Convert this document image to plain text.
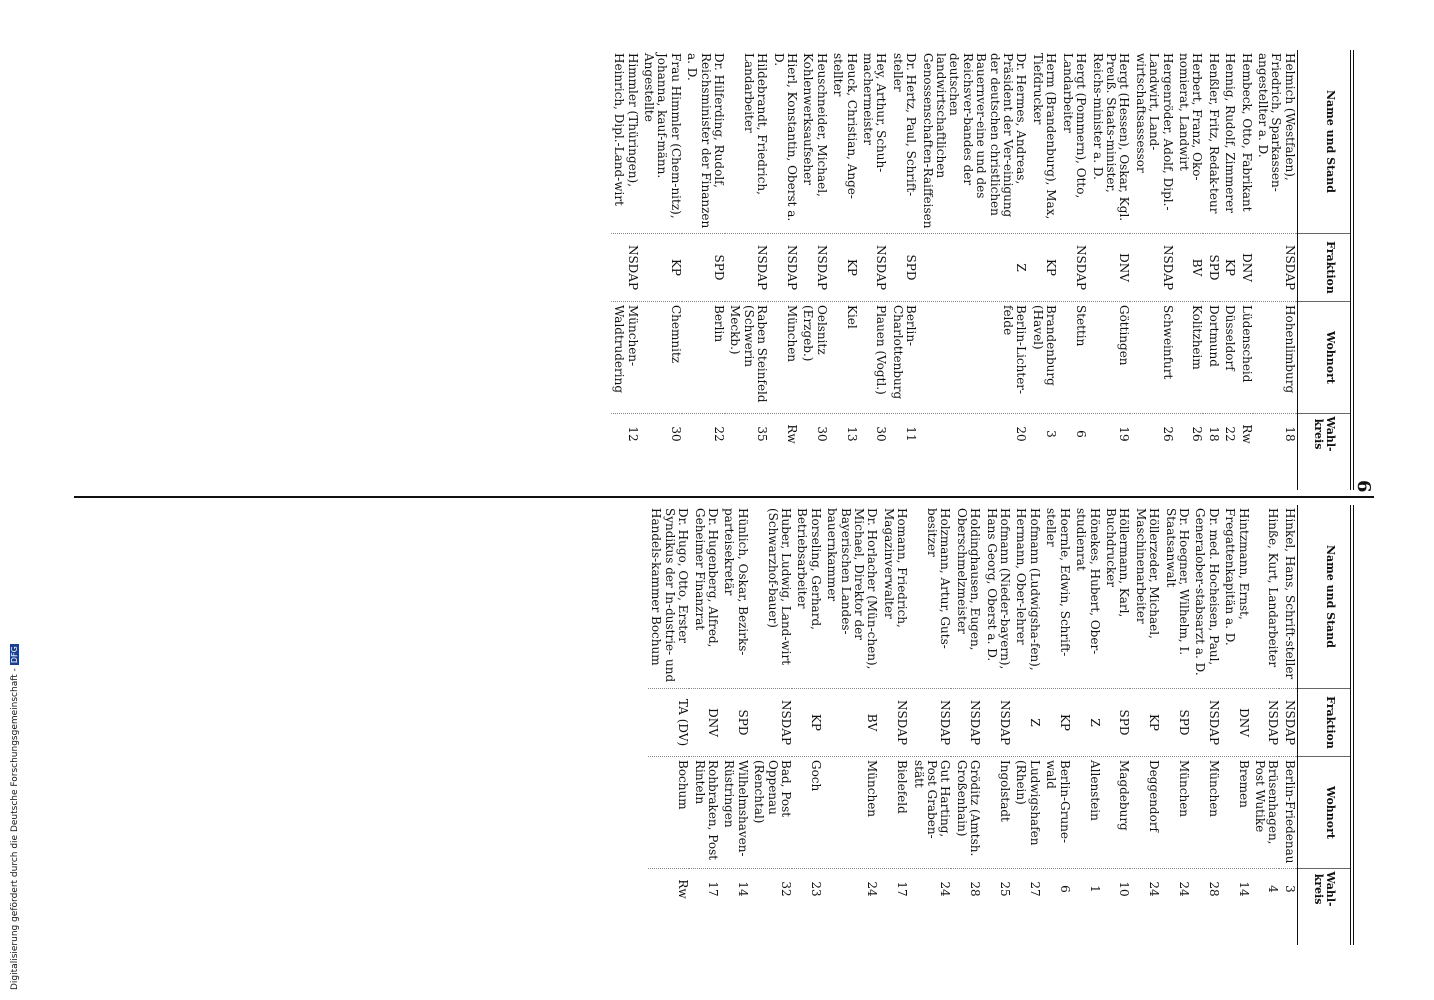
6
Name und Stand
Fraktion
Wohnort
Wahl-kreis
Helmich (Westfalen), Friedrich, Sparkassen-angestellter a. D.
NSDAP
Hohenlimburg
18
Hembeck, Otto, Fabrikant
DNV
Lüdenscheid
Rw
Hennig, Rudolf, Zimmerer
KP
Düsseldorf
22
Henßler, Fritz, Redak-teur
SPD
Dortmund
18
Herbert, Franz, Oko-nomierat, Landwirt
BV
Kolitzheim
26
Hergenröder, Adolf, Dipl.-Landwirt, Land-wirtschaftsassessor
NSDAP
Schweinfurt
26
Hergt (Hessen), Oskar, Kgl. Preuß. Staats-minister, Reichs-minister a. D.
DNV
Göttingen
19
Hergt (Pommern), Otto, Landarbeiter
NSDAP
Stettin
6
Herm (Brandenburg), Max, Tiefdrucker
KP
Brandenburg (Havel)
3
Dr. Hermes, Andreas, Präsident der Ver-einigung der deutschen christlichen Bauernver-eine und des Reichsver-bandes der deutschen landwirtschaftlichen Genossenschaften-Raiffeisen
Z
Berlin-Lichter-felde
20
Dr. Hertz, Paul, Schrift-steller
SPD
Berlin-Charlottenburg
11
Hey, Arthur, Schuh-machermeister
NSDAP
Plauen (Vogtl.)
30
Heuck, Christian, Ange-stellter
KP
Kiel
13
Heuschneider, Michael, Kohlenwerksaufseher
NSDAP
Oelsnitz (Erzgeb.)
30
Hierl, Konstantin, Oberst a. D.
NSDAP
München
Rw
Hildebrandt, Friedrich, Landarbeiter
NSDAP
Raben Steinfeld (Schwerin Meckb.)
35
Dr. Hilferding, Rudolf, Reichsminister der Finanzen a. D.
SPD
Berlin
22
Frau Himmler (Chem-nitz), Johanna, kauf-männ. Angestellte
KP
Chemnitz
30
Himmler (Thüringen), Heinrich, Dipl.-Land-wirt
NSDAP
München-Waldtrudering
12
Name und Stand
Fraktion
Wohnort
Wahl-kreis
Hinkel, Hans, Schrift-steller
NSDAP
Berlin-Friedenau
3
Hinße, Kurt, Landarbeiter
NSDAP
Brüsenhagen, Post Wutike
4
Hintzmann, Ernst, Fregattenkapitän a. D.
DNV
Bremen
14
Dr. med. Hocheisen, Paul, Generalober-stabsarzt a. D.
NSDAP
München
28
Dr. Hoegner, Wilhelm, I. Staatsanwalt
SPD
München
24
Höllerzeder, Michael, Maschinenarbeiter
KP
Deggendorf
24
Höllermann, Karl, Buchdrucker
SPD
Magdeburg
10
Hönekes, Hubert, Ober-studienrat
Z
Allenstein
1
Hoernle, Edwin, Schrift-steller
KP
Berlin-Grune-wald
6
Hofmann (Ludwigsha-fen), Hermann, Ober-lehrer
Z
Ludwigshafen (Rhein)
27
Hofmann (Nieder-bayern), Hans Georg, Oberst a. D.
NSDAP
Ingolstadt
25
Holdinghausen, Eugen, Oberschmelzmeister
NSDAP
Gröditz (Amtsh. Großenhain)
28
Holzmann, Artur, Guts-besitzer
NSDAP
Gut Harting, Post Graben-stätt
24
Homann, Friedrich, Magazinverwalter
NSDAP
Bielefeld
17
Dr. Horlacher (Mün-chen), Michael, Direktor der Bayerischen Landes-bauernkammer
BV
München
24
Horseling, Gerhard, Betriebsarbeiter
KP
Goch
23
Huber, Ludwig, Land-wirt (Schwarzhof-bauer)
NSDAP
Bad, Post Oppenau (Renchtal)
32
Hünlich, Oskar, Bezirks-parteisekretär
SPD
Wilhelmshaven-Rüstringen
14
Dr. Hugenberg, Alfred, Geheimer Finanzrat
DNV
Rohbraken, Post Rinteln
17
Dr. Hugo, Otto, Erster Syndikus der In-dustrie- und Handels-kammer Bochum
TA (DV)
Bochum
Rw
Digitalisierung gefördert durch die Deutsche Forschungsgemeinschaft -DFG
